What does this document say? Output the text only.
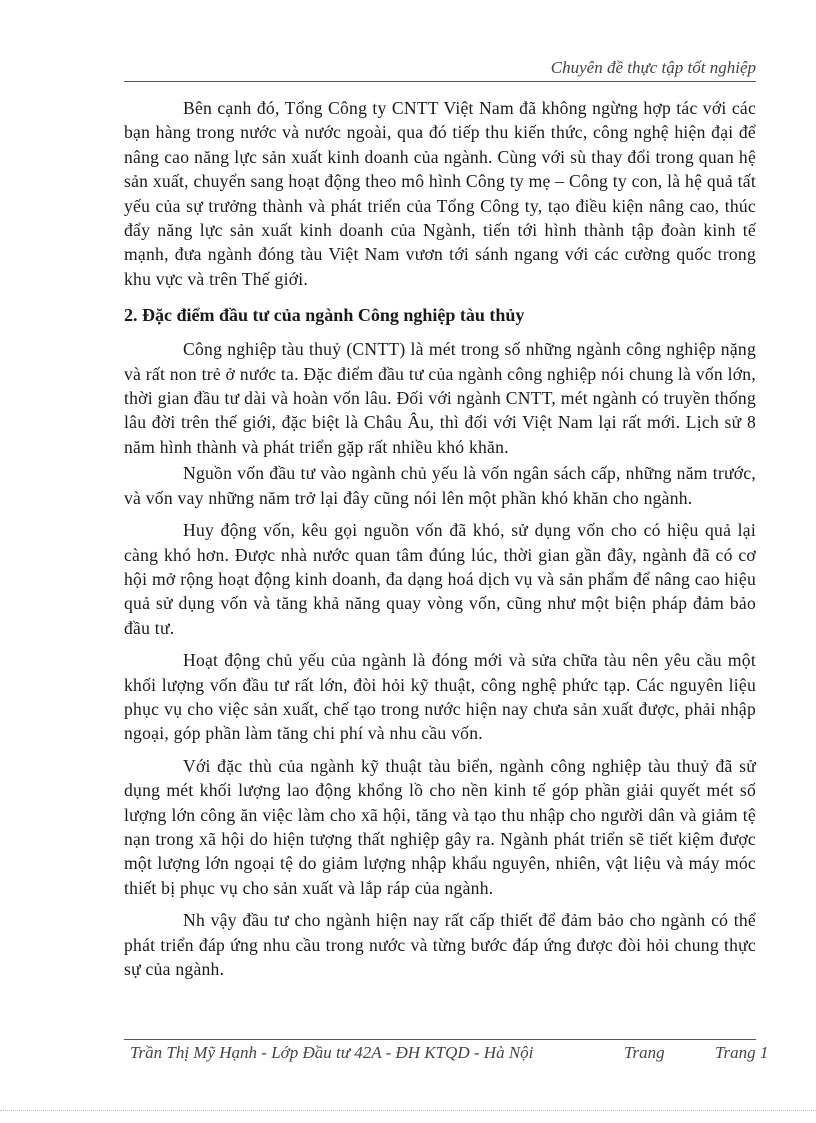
Chuyên đề thực tập tốt nghiệp

Bên cạnh đó, Tổng Công ty CNTT Việt Nam đã không ngừng hợp tác với các bạn hàng trong nước và nước ngoài, qua đó tiếp thu kiến thức, công nghệ hiện đại để nâng cao năng lực sản xuất kinh doanh của ngành. Cùng với sù thay đổi trong quan hệ sản xuất, chuyển sang hoạt động theo mô hình Công ty mẹ – Công ty con, là hệ quả tất yếu của sự trưởng thành và phát triển của Tổng Công ty, tạo điều kiện nâng cao, thúc đẩy năng lực sản xuất kinh doanh của Ngành, tiến tới hình thành tập đoàn kinh tế mạnh, đưa ngành đóng tàu Việt Nam vươn tới sánh ngang với các cường quốc trong khu vực và trên Thế giới.

2. Đặc điểm đầu tư của ngành Công nghiệp tàu thủy

Công nghiệp tàu thuỷ (CNTT) là mét trong số những ngành công nghiệp nặng và rất non trẻ ở nước ta. Đặc điểm đầu tư của ngành công nghiệp nói chung là vốn lớn, thời gian đầu tư dài và hoàn vốn lâu. Đối với ngành CNTT, mét ngành có truyền thống lâu đời trên thế giới, đặc biệt là Châu Âu, thì đối với Việt Nam lại rất mới. Lịch sử 8 năm hình thành và phát triển gặp rất nhiều khó khăn.

Nguồn vốn đầu tư vào ngành chủ yếu là vốn ngân sách cấp, những năm trước, và vốn vay những năm trở lại đây cũng nói lên một phần khó khăn cho ngành.

Huy động vốn, kêu gọi nguồn vốn đã khó, sử dụng vốn cho có hiệu quả lại càng khó hơn. Được nhà nước quan tâm đúng lúc, thời gian gần đây, ngành đã có cơ hội mở rộng hoạt động kinh doanh, đa dạng hoá dịch vụ và sản phẩm để nâng cao hiệu quả sử dụng vốn và tăng khả năng quay vòng vốn, cũng như một biện pháp đảm bảo đầu tư.

Hoạt động chủ yếu của ngành là đóng mới và sửa chữa tàu nên yêu cầu một khối lượng vốn đầu tư rất lớn, đòi hỏi kỹ thuật, công nghệ phức tạp. Các nguyên liệu phục vụ cho việc sản xuất, chế tạo trong nước hiện nay chưa sản xuất được, phải nhập ngoại, góp phần làm tăng chi phí và nhu cầu vốn.

Với đặc thù của ngành kỹ thuật tàu biển, ngành công nghiệp tàu thuỷ đã sử dụng mét khối lượng lao động khổng lồ cho nền kinh tế góp phần giải quyết mét số lượng lớn công ăn việc làm cho xã hội, tăng và tạo thu nhập cho người dân và giảm tệ nạn trong xã hội do hiện tượng thất nghiệp gây ra. Ngành phát triển sẽ tiết kiệm được một lượng lớn ngoại tệ do giảm lượng nhập khẩu nguyên, nhiên, vật liệu và máy móc thiết bị phục vụ cho sản xuất và lắp ráp của ngành.

Nh vậy đầu tư cho ngành hiện nay rất cấp thiết để đảm bảo cho ngành có thể phát triển đáp ứng nhu cầu trong nước và từng bước đáp ứng được đòi hỏi chung thực sự của ngành.

Trần Thị Mỹ Hạnh - Lớp Đầu tư 42A - ĐH KTQD - Hà Nội	Trang	Trang 1
